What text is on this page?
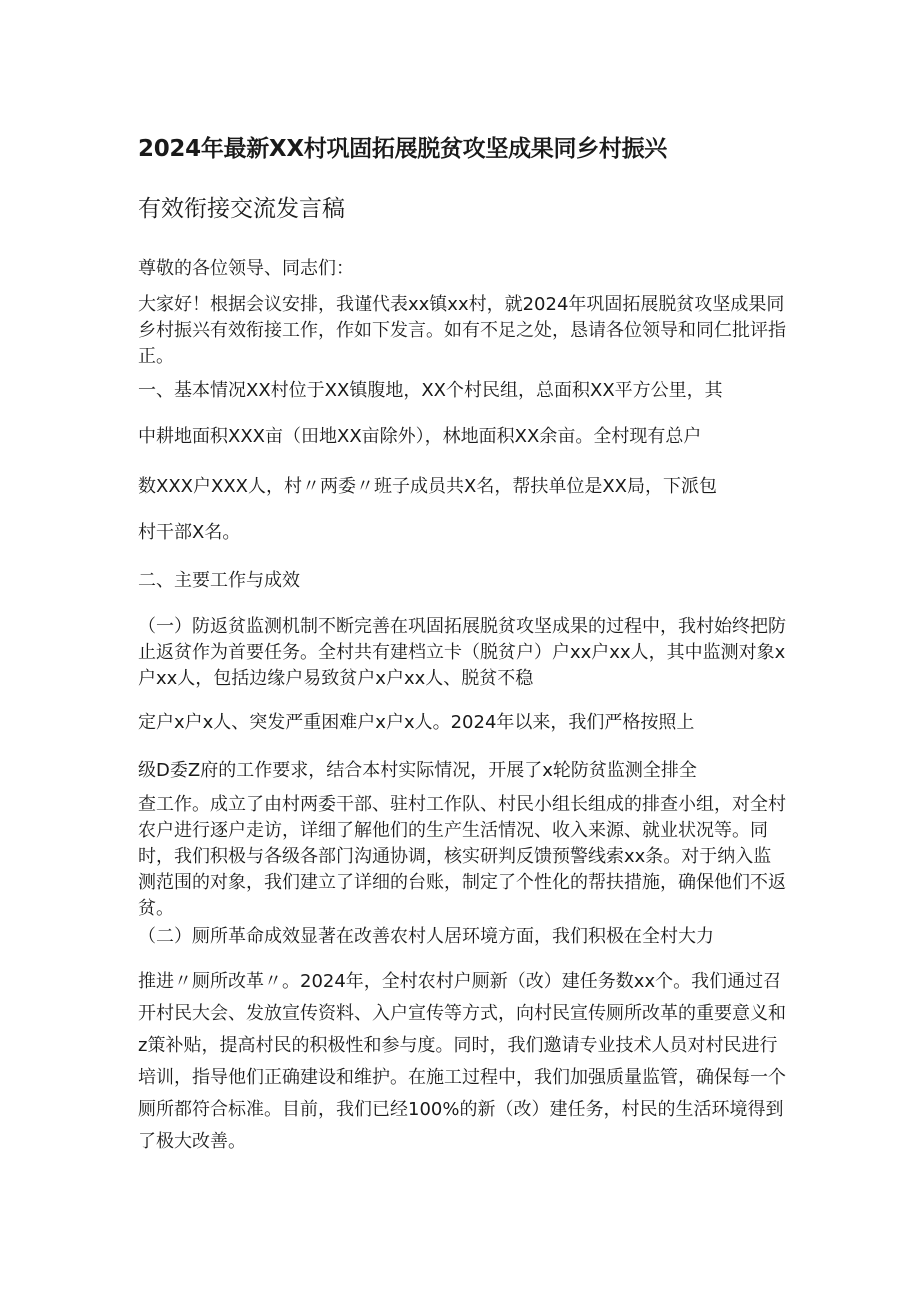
2024年最新XX村巩固拓展脱贫攻坚成果同乡村振兴
有效衔接交流发言稿

尊敬的各位领导、同志们：

大家好！根据会议安排，我谨代表xx镇xx村，就2024年巩固拓展脱贫攻坚成果同乡村振兴有效衔接工作，作如下发言。如有不足之处，恳请各位领导和同仁批评指正。

一、基本情况XX村位于XX镇腹地，XX个村民组，总面积XX平方公里，其

中耕地面积XXX亩（田地XX亩除外），林地面积XX余亩。全村现有总户

数XXX户XXX人，村〃两委〃班子成员共X名，帮扶单位是XX局，下派包

村干部X名。

二、主要工作与成效

（一）防返贫监测机制不断完善在巩固拓展脱贫攻坚成果的过程中，我村始终把防止返贫作为首要任务。全村共有建档立卡（脱贫户）户xx户xx人，其中监测对象x户xx人，包括边缘户易致贫户x户xx人、脱贫不稳

定户x户x人、突发严重困难户x户x人。2024年以来，我们严格按照上

级D委Z府的工作要求，结合本村实际情况，开展了x轮防贫监测全排全

查工作。成立了由村两委干部、驻村工作队、村民小组长组成的排查小组，对全村农户进行逐户走访，详细了解他们的生产生活情况、收入来源、就业状况等。同时，我们积极与各级各部门沟通协调，核实研判反馈预警线索xx条。对于纳入监测范围的对象，我们建立了详细的台账，制定了个性化的帮扶措施，确保他们不返贫。

（二）厕所革命成效显著在改善农村人居环境方面，我们积极在全村大力

推进〃厕所改革〃。2024年，全村农村户厕新（改）建任务数xx个。我们通过召开村民大会、发放宣传资料、入户宣传等方式，向村民宣传厕所改革的重要意义和z策补贴，提高村民的积极性和参与度。同时，我们邀请专业技术人员对村民进行培训，指导他们正确建设和维护。在施工过程中，我们加强质量监管，确保每一个厕所都符合标准。目前，我们已经100%的新（改）建任务，村民的生活环境得到了极大改善。
